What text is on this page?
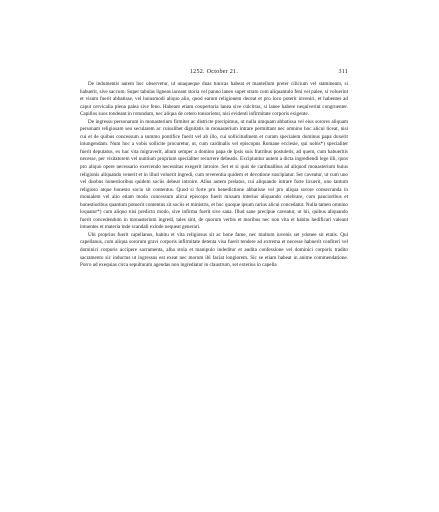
1252. October 21.	311

De indumentis autem hoc observetur, ut unaqueque duas tunicas habeat et mantellum preter cilicium vel staminеam, si habuerit, sive saccum. Super tabulas ligneas iaceant storia vel panno laneo super strato cum aliquantulo feni vel palee, si voluerint et visum fuerit abbatisse, vel huiusmodi aliquo alio, quod earum religionem deceat et pro loco poterit inveniri, et habentes ad caput cervicalia plena palea sive feno. Habeant etiam coopertoria lanea sive culcitras, si lanee habere nequiverint congruenter. Capillos suos tondeant in rotundum, nec aliqua de cetero tonsorietur, nisi evidenti infirmitate corporis exigente.

De ingressu personarum in monasterium firmiter ac districte precipimus, ut nulla umquam abbatissa vel eius sorores aliquam personam religiosam seu secularem ac cuiuslibet dignitatis in monasterium intrare permittant nec omnino hoc alicui liceat, nisi cui et de quibus concessum a summo pontifice fuerit vel ab illo, cui sollicitudinem et curam specialem dominus papa duxerit iniungendam. Num hoc a vobis sollicite procuretur, ut, cum cardinalis vel episcopus Romane ecclesie, qui nobis*) specialiter fuerit deputatus, ex hac vita migraverit, alium semper a domino papa de ipsis suis fratribus postuletis, ad quem, cum habueritis necesse, per visitatorem vel nuntium proprium specialiter recurrere debeatis. Excipiuntur autem a dicta ingrediendi lege illi, quos pro aliquo opere necessario exercendo necessitas exegerit introire. Set et si quis de cardinalibus ad aliquod monasterium huius religionis aliquando venerit et in illud voluerit ingredi, cum reverentia quidem et devotione suscipiatur. Set caveatur, ut cum uno vel duobus honestioribus quidem sociis debeat introire. Alius autem prelatus, cui aliquando intrare forte licuerit, uno tantum religioso atque honesto socio sit contentus. Quod si forte pro benedictione abbatisse vel pro aliqua sorore consecranda in monialem vel alio etiam modo concessum alicui episcopo fuerit missam interius aliquando celebrare, cum paucioribus et honestioribus quantum potuerit contentus sit sociis et ministris, et hoc quoque ipsum rarius alicui concedatur. Nulla tamen omnino loquatur*) cum aliquo nisi predicto modo, sive infirma fuerit sive sana. Illud sane precipue caveatur, ut hii, quibus aliquando fuerit concedendum in monasterium ingredi, tales sint, de quorum verbis et moribus nec non vita et habitu hedificari valeant intuentes et materia inde scandali exinde nequeat generari.

Ubi proprius fuerit capellanus, habitu et vita religiosus sit ac bone fame, nec multum iuvenis set ydonee sit etatis. Qui capellanus, cum aliqua sororum gravi corporis infirmitate detenta visa fuerit tendere ad extrema et necesse habuerit confiteri vel dominici corporis accipere sacramenta, alba stola et manipulo indeditur et audita confessione vel dominici corporis tradito sacramento sic inductus ut ingressus est exeat nec morum ibi faciat longiorem. Sic se etiam habeat in anime commendatione. Porro ad exequias circa sepulturam agendas non ingrediatur in claustrum, set exterius in capella
